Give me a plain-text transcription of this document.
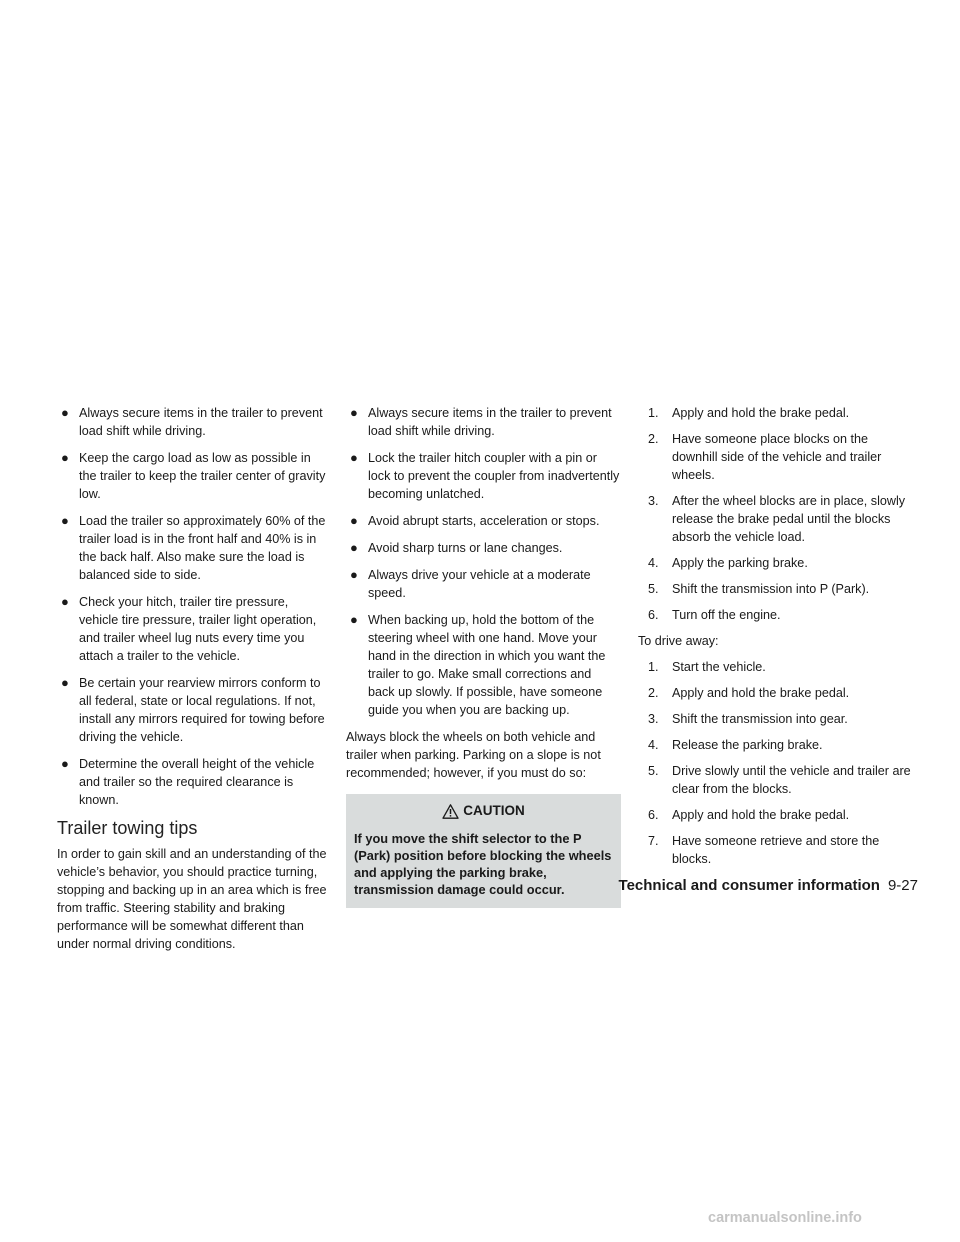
● Always secure items in the trailer to prevent load shift while driving.
● Keep the cargo load as low as possible in the trailer to keep the trailer center of gravity low.
● Load the trailer so approximately 60% of the trailer load is in the front half and 40% is in the back half. Also make sure the load is balanced side to side.
● Check your hitch, trailer tire pressure, vehicle tire pressure, trailer light operation, and trailer wheel lug nuts every time you attach a trailer to the vehicle.
● Be certain your rearview mirrors conform to all federal, state or local regulations. If not, install any mirrors required for towing before driving the vehicle.
● Determine the overall height of the vehicle and trailer so the required clearance is known.
Trailer towing tips
In order to gain skill and an understanding of the vehicle’s behavior, you should practice turning, stopping and backing up in an area which is free from traffic. Steering stability and braking performance will be somewhat different than under normal driving conditions.
● Always secure items in the trailer to prevent load shift while driving.
● Lock the trailer hitch coupler with a pin or lock to prevent the coupler from inadvertently becoming unlatched.
● Avoid abrupt starts, acceleration or stops.
● Avoid sharp turns or lane changes.
● Always drive your vehicle at a moderate speed.
● When backing up, hold the bottom of the steering wheel with one hand. Move your hand in the direction in which you want the trailer to go. Make small corrections and back up slowly. If possible, have someone guide you when you are backing up.
Always block the wheels on both vehicle and trailer when parking. Parking on a slope is not recommended; however, if you must do so:
CAUTION
If you move the shift selector to the P (Park) position before blocking the wheels and applying the parking brake, transmission damage could occur.
1. Apply and hold the brake pedal.
2. Have someone place blocks on the downhill side of the vehicle and trailer wheels.
3. After the wheel blocks are in place, slowly release the brake pedal until the blocks absorb the vehicle load.
4. Apply the parking brake.
5. Shift the transmission into P (Park).
6. Turn off the engine.
To drive away:
1. Start the vehicle.
2. Apply and hold the brake pedal.
3. Shift the transmission into gear.
4. Release the parking brake.
5. Drive slowly until the vehicle and trailer are clear from the blocks.
6. Apply and hold the brake pedal.
7. Have someone retrieve and store the blocks.
Technical and consumer information 9-27
carmanualsonline.info
